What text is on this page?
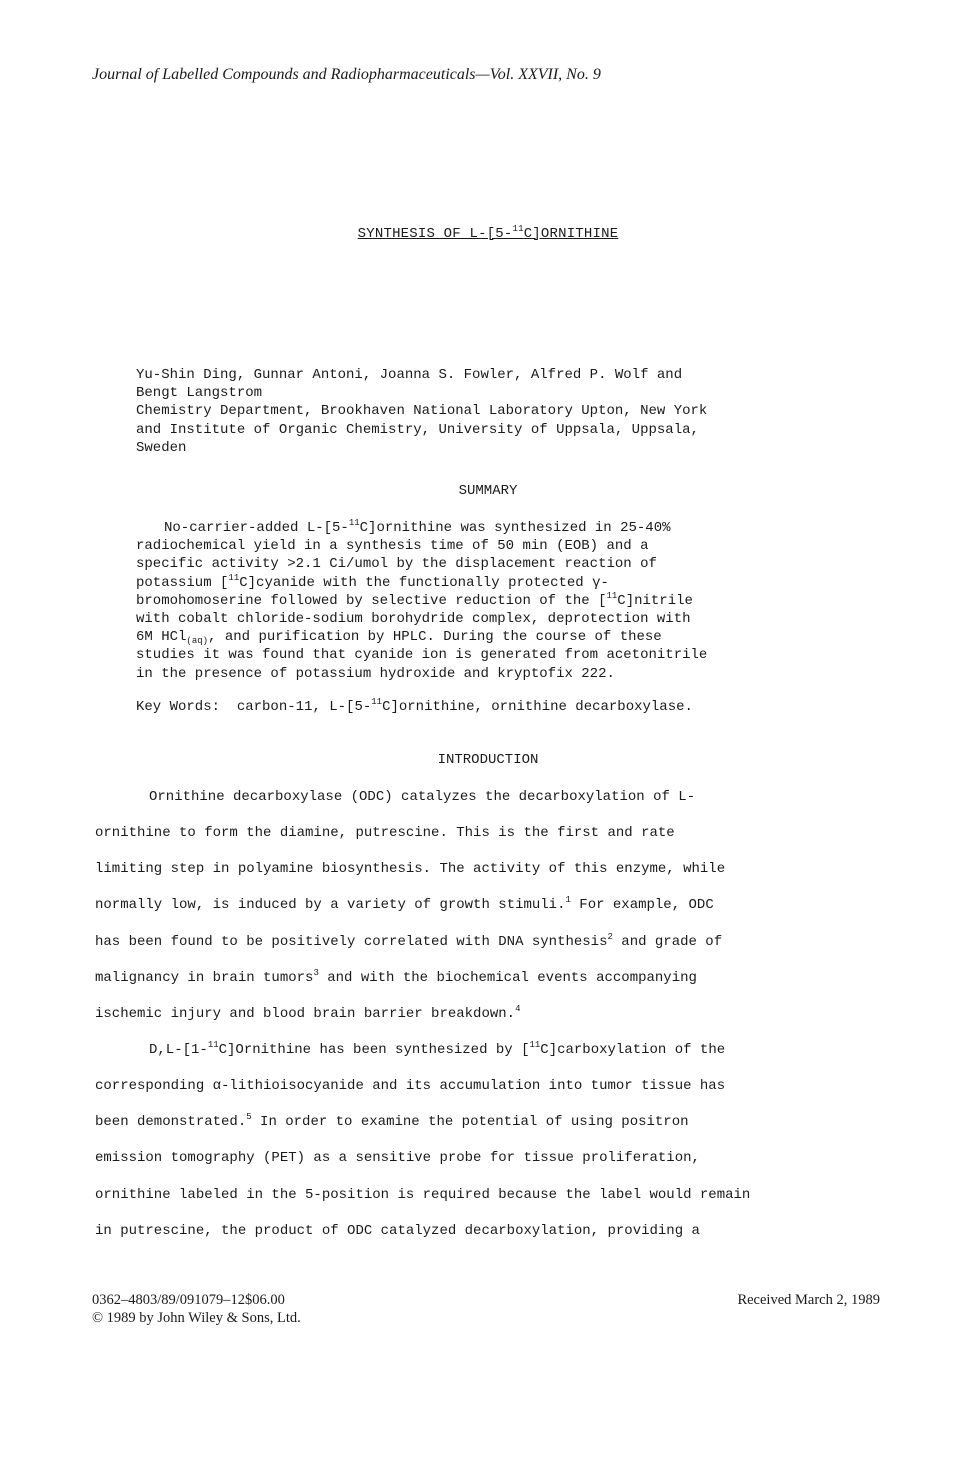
Journal of Labelled Compounds and Radiopharmaceuticals—Vol. XXVII, No. 9

SYNTHESIS OF L-[5-$^{11}$C]ORNITHINE
Yu-Shin Ding, Gunnar Antoni, Joanna S. Fowler, Alfred P. Wolf and
Bengt Langstrom
Chemistry Department, Brookhaven National Laboratory Upton, New York
and Institute of Organic Chemistry, University of Uppsala, Uppsala,
Sweden
SUMMARY
No-carrier-added L-[5-$^{11}$C]ornithine was synthesized in 25-40%
radiochemical yield in a synthesis time of 50 min (EOB) and a
specific activity >2.1 Ci/umol by the displacement reaction of
potassium [$^{11}$C]cyanide with the functionally protected γ-
bromohomoserine followed by selective reduction of the [$^{11}$C]nitrile
with cobalt chloride-sodium borohydride complex, deprotection with
6M HCl$_{(aq)}$, and purification by HPLC. During the course of these
studies it was found that cyanide ion is generated from acetonitrile
in the presence of potassium hydroxide and kryptofix 222.
Key Words: carbon-11, L-[5-$^{11}$C]ornithine, ornithine decarboxylase.
INTRODUCTION
Ornithine decarboxylase (ODC) catalyzes the decarboxylation of L-
ornithine to form the diamine, putrescine. This is the first and rate
limiting step in polyamine biosynthesis. The activity of this enzyme, while
normally low, is induced by a variety of growth stimuli.$^1$ For example, ODC
has been found to be positively correlated with DNA synthesis$^2$ and grade of
malignancy in brain tumors$^3$ and with the biochemical events accompanying
ischemic injury and blood brain barrier breakdown.$^4$
D,L-[1-$^{11}$C]Ornithine has been synthesized by [$^{11}$C]carboxylation of the
corresponding α-lithioisocyanide and its accumulation into tumor tissue has
been demonstrated.$^5$ In order to examine the potential of using positron
emission tomography (PET) as a sensitive probe for tissue proliferation,
ornithine labeled in the 5-position is required because the label would remain
in putrescine, the product of ODC catalyzed decarboxylation, providing a
0362–4803/89/091079–12$06.00
© 1989 by John Wiley & Sons, Ltd.
Received March 2, 1989
